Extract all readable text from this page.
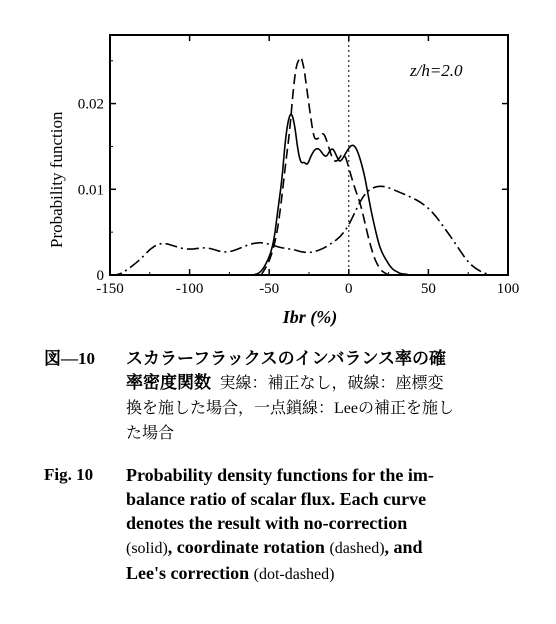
-150	-100	-50	0	50	100
0
0.01
0.02
z/h=2.0
Ibr (%)
Probability function
図—10	スカラーフラックスのインバランス率の確
率密度関数 実線：補正なし，破線：座標変
換を施した場合，一点鎖線：Leeの補正を施し
た場合
Fig. 10	Probability density functions for the im-
balance ratio of scalar flux. Each curve
denotes the result with no-correction
(solid), coordinate rotation (dashed), and
Lee's correction (dot-dashed)
